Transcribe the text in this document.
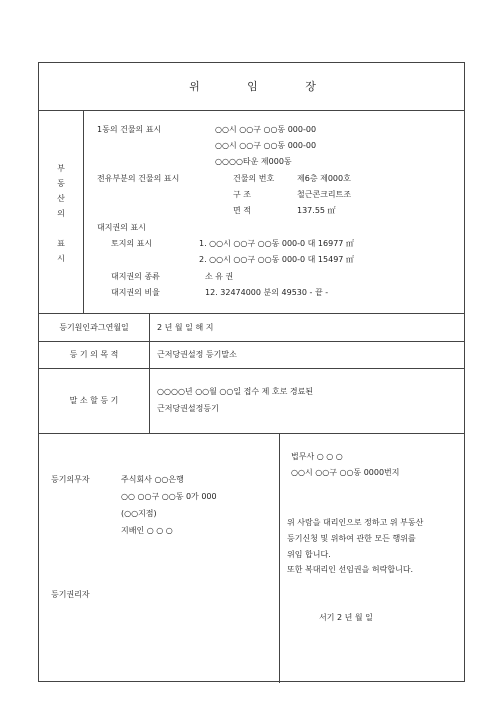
위 임 장
부
동
산
의
표
시
1동의 건물의 표시	○○시 ○○구 ○○동 000-00
○○시 ○○구 ○○동 000-00
○○○○타운 제000동
전유부분의 건물의 표시	건물의 번호	제6층 제000호
구 조	철근콘크리트조
면 적	137.55 ㎡
대지권의 표시
토지의 표시	1. ○○시 ○○구 ○○동 000-0 대 16977 ㎡
2. ○○시 ○○구 ○○동 000-0 대 15497 ㎡
대지권의 종류	소 유 권
대지권의 비율	12. 32474000 분의 49530 - 끝 -
등기원인과그연월일	2 년 월 일 해 지
등 기 의 목 적	근저당권설정 등기말소
말 소 할 등 기
○○○○년 ○○월 ○○일 접수 제 호로 경료된
근저당권설정등기
등기의무자	주식회사 ○○은행
○○ ○○구 ○○동 0가 000
(○○지점)
지배인 ○ ○ ○
등기권리자
법무사 ○ ○ ○
○○시 ○○구 ○○동 0000번지
위 사람을 대리인으로 정하고 위 부동산
등기신청 및 위하여 관한 모든 행위를
위임 합니다.
또한 복대리인 선임권을 허락합니다.
서기 2 년 월 일
